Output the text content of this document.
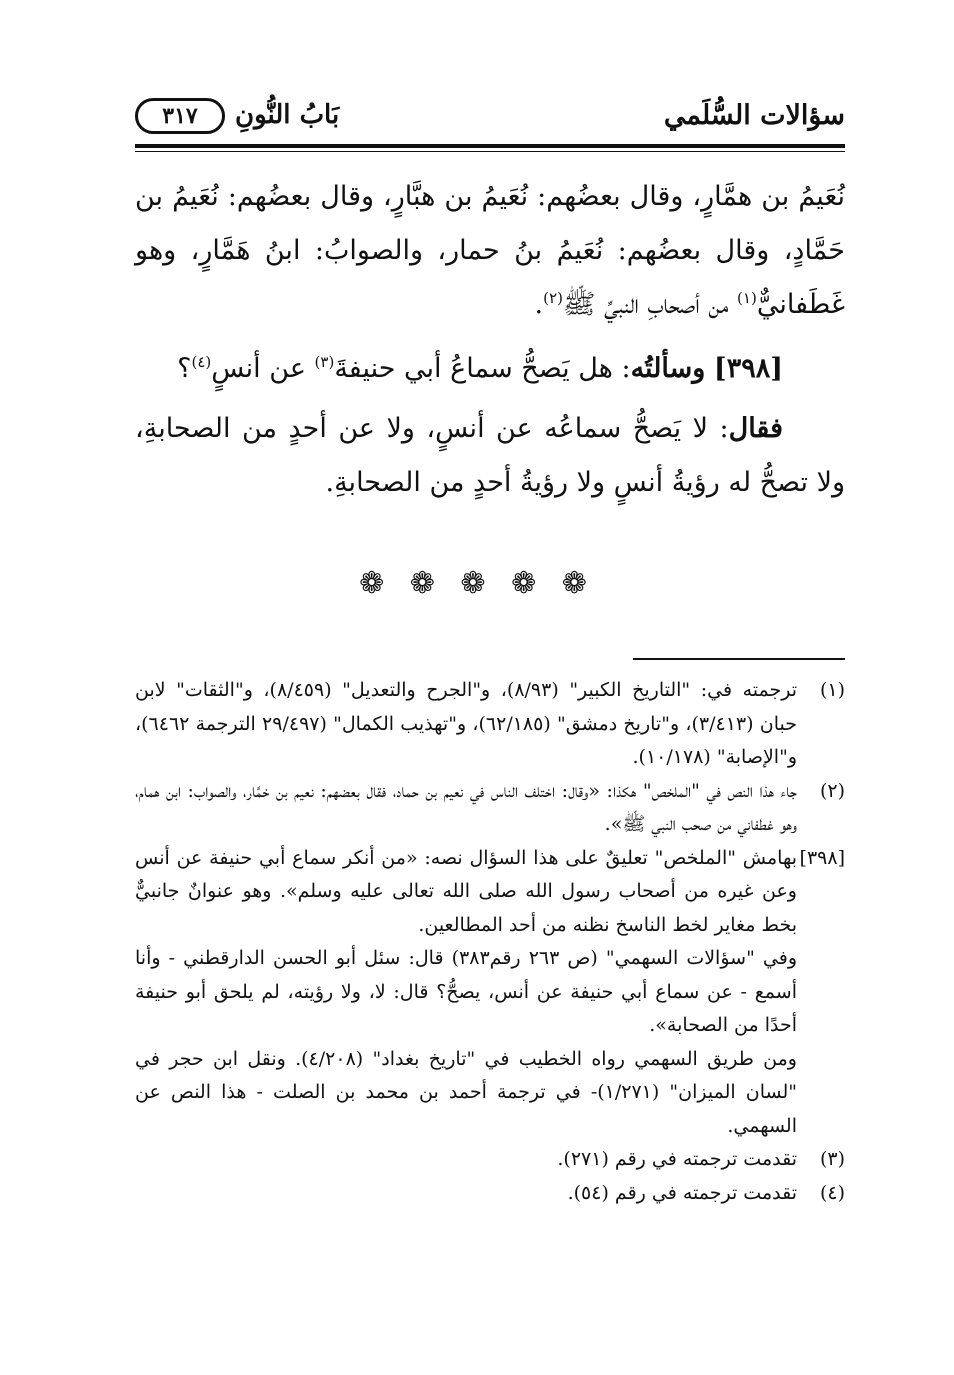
سؤالات السُّلَمي
بَابُ النُّونِ
٣١٧

نُعَيمُ بن همَّارٍ، وقال بعضُهم: نُعَيمُ بن هبَّارٍ، وقال بعضُهم: نُعَيمُ بن حَمَّادٍ، وقال بعضُهم: نُعَيمُ بنُ حمار، والصوابُ: ابنُ هَمَّارٍ، وهو غَطَفانيٌّ$^{(١)}$ من أصحابِ النبيِّ ﷺ$^{(٢)}$.

[٣٩٨] وسألتُه: هل يَصحُّ سماعُ أبي حنيفةَ$^{(٣)}$ عن أنسٍ$^{(٤)}$؟

فقال: لا يَصحُّ سماعُه عن أنسٍ، ولا عن أحدٍ من الصحابةِ، ولا تصحُّ له رؤيةُ أنسٍ ولا رؤيةُ أحدٍ من الصحابةِ.

❁ ❁ ❁ ❁ ❁
(١)

ترجمته في: "التاريخ الكبير" (٨/٩٣)، و"الجرح والتعديل" (٨/٤٥٩)، و"الثقات" لابن حبان (٣/٤١٣)، و"تاريخ دمشق" (٦٢/١٨٥)، و"تهذيب الكمال" (٢٩/٤٩٧ الترجمة ٦٤٦٢)، و"الإصابة" (١٠/١٧٨).

(٢)

جاء هذا النص في "الملخص" هكذا: «وقال: اختلف الناس في نعيم بن حماد، فقال بعضهم: نعيم بن خمَّار، والصواب: ابن همام، وهو غطفاني من صحب النبي ﷺ».

[٣٩٨]

بهامش "الملخص" تعليقٌ على هذا السؤال نصه: «من أنكر سماع أبي حنيفة عن أنس وعن غيره من أصحاب رسول الله صلى الله تعالى عليه وسلم». وهو عنوانٌ جانبيٌّ بخط مغاير لخط الناسخ نظنه من أحد المطالعين.

وفي "سؤالات السهمي" (ص ٢٦٣ رقم٣٨٣) قال: سئل أبو الحسن الدارقطني - وأنا أسمع - عن سماع أبي حنيفة عن أنس، يصحُّ؟ قال: لا، ولا رؤيته، لم يلحق أبو حنيفة أحدًا من الصحابة».

ومن طريق السهمي رواه الخطيب في "تاريخ بغداد" (٤/٢٠٨). ونقل ابن حجر في "لسان الميزان" (١/٢٧١)- في ترجمة أحمد بن محمد بن الصلت - هذا النص عن السهمي.

(٣)

تقدمت ترجمته في رقم (٢٧١).

(٤)

تقدمت ترجمته في رقم (٥٤).
